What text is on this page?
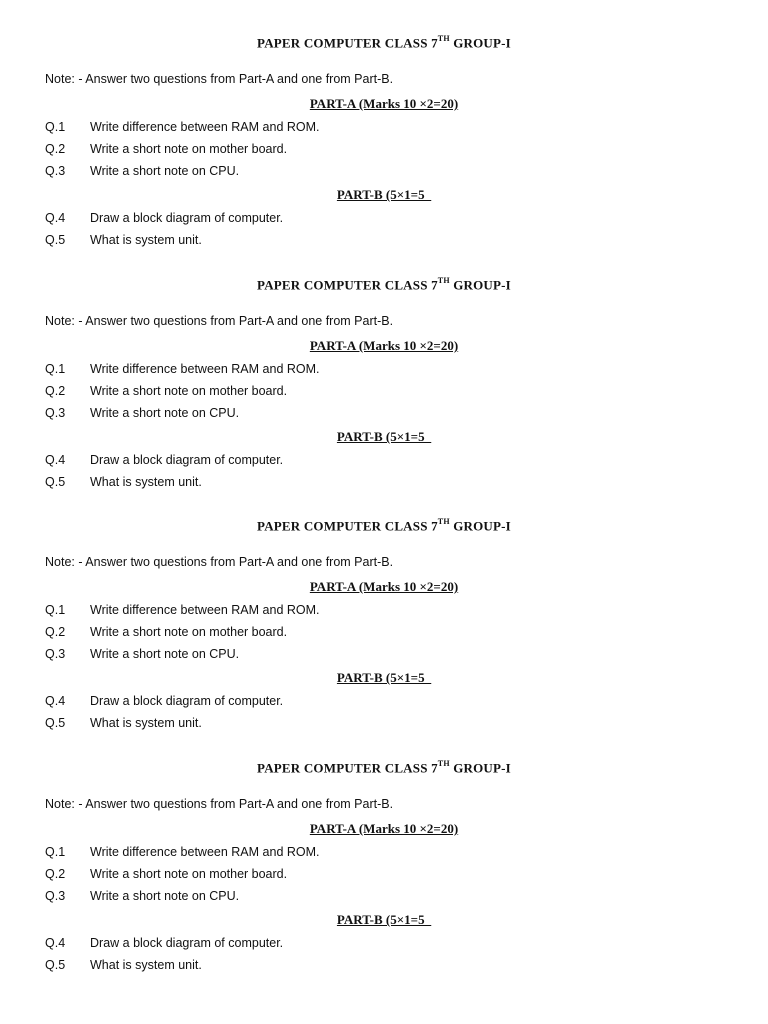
PAPER COMPUTER CLASS 7TH GROUP-I
Note: - Answer two questions from Part-A and one from Part-B.
PART-A (Marks 10 ×2=20)
Q.1 Write difference between RAM and ROM.
Q.2 Write a short note on mother board.
Q.3 Write a short note on CPU.
PART-B (5×1=5_
Q.4 Draw a block diagram of computer.
Q.5 What is system unit.
PAPER COMPUTER CLASS 7TH GROUP-I
Note: - Answer two questions from Part-A and one from Part-B.
PART-A (Marks 10 ×2=20)
Q.1 Write difference between RAM and ROM.
Q.2 Write a short note on mother board.
Q.3 Write a short note on CPU.
PART-B (5×1=5_
Q.4 Draw a block diagram of computer.
Q.5 What is system unit.
PAPER COMPUTER CLASS 7TH GROUP-I
Note: - Answer two questions from Part-A and one from Part-B.
PART-A (Marks 10 ×2=20)
Q.1 Write difference between RAM and ROM.
Q.2 Write a short note on mother board.
Q.3 Write a short note on CPU.
PART-B (5×1=5_
Q.4 Draw a block diagram of computer.
Q.5 What is system unit.
PAPER COMPUTER CLASS 7TH GROUP-I
Note: - Answer two questions from Part-A and one from Part-B.
PART-A (Marks 10 ×2=20)
Q.1 Write difference between RAM and ROM.
Q.2 Write a short note on mother board.
Q.3 Write a short note on CPU.
PART-B (5×1=5_
Q.4 Draw a block diagram of computer.
Q.5 What is system unit.
